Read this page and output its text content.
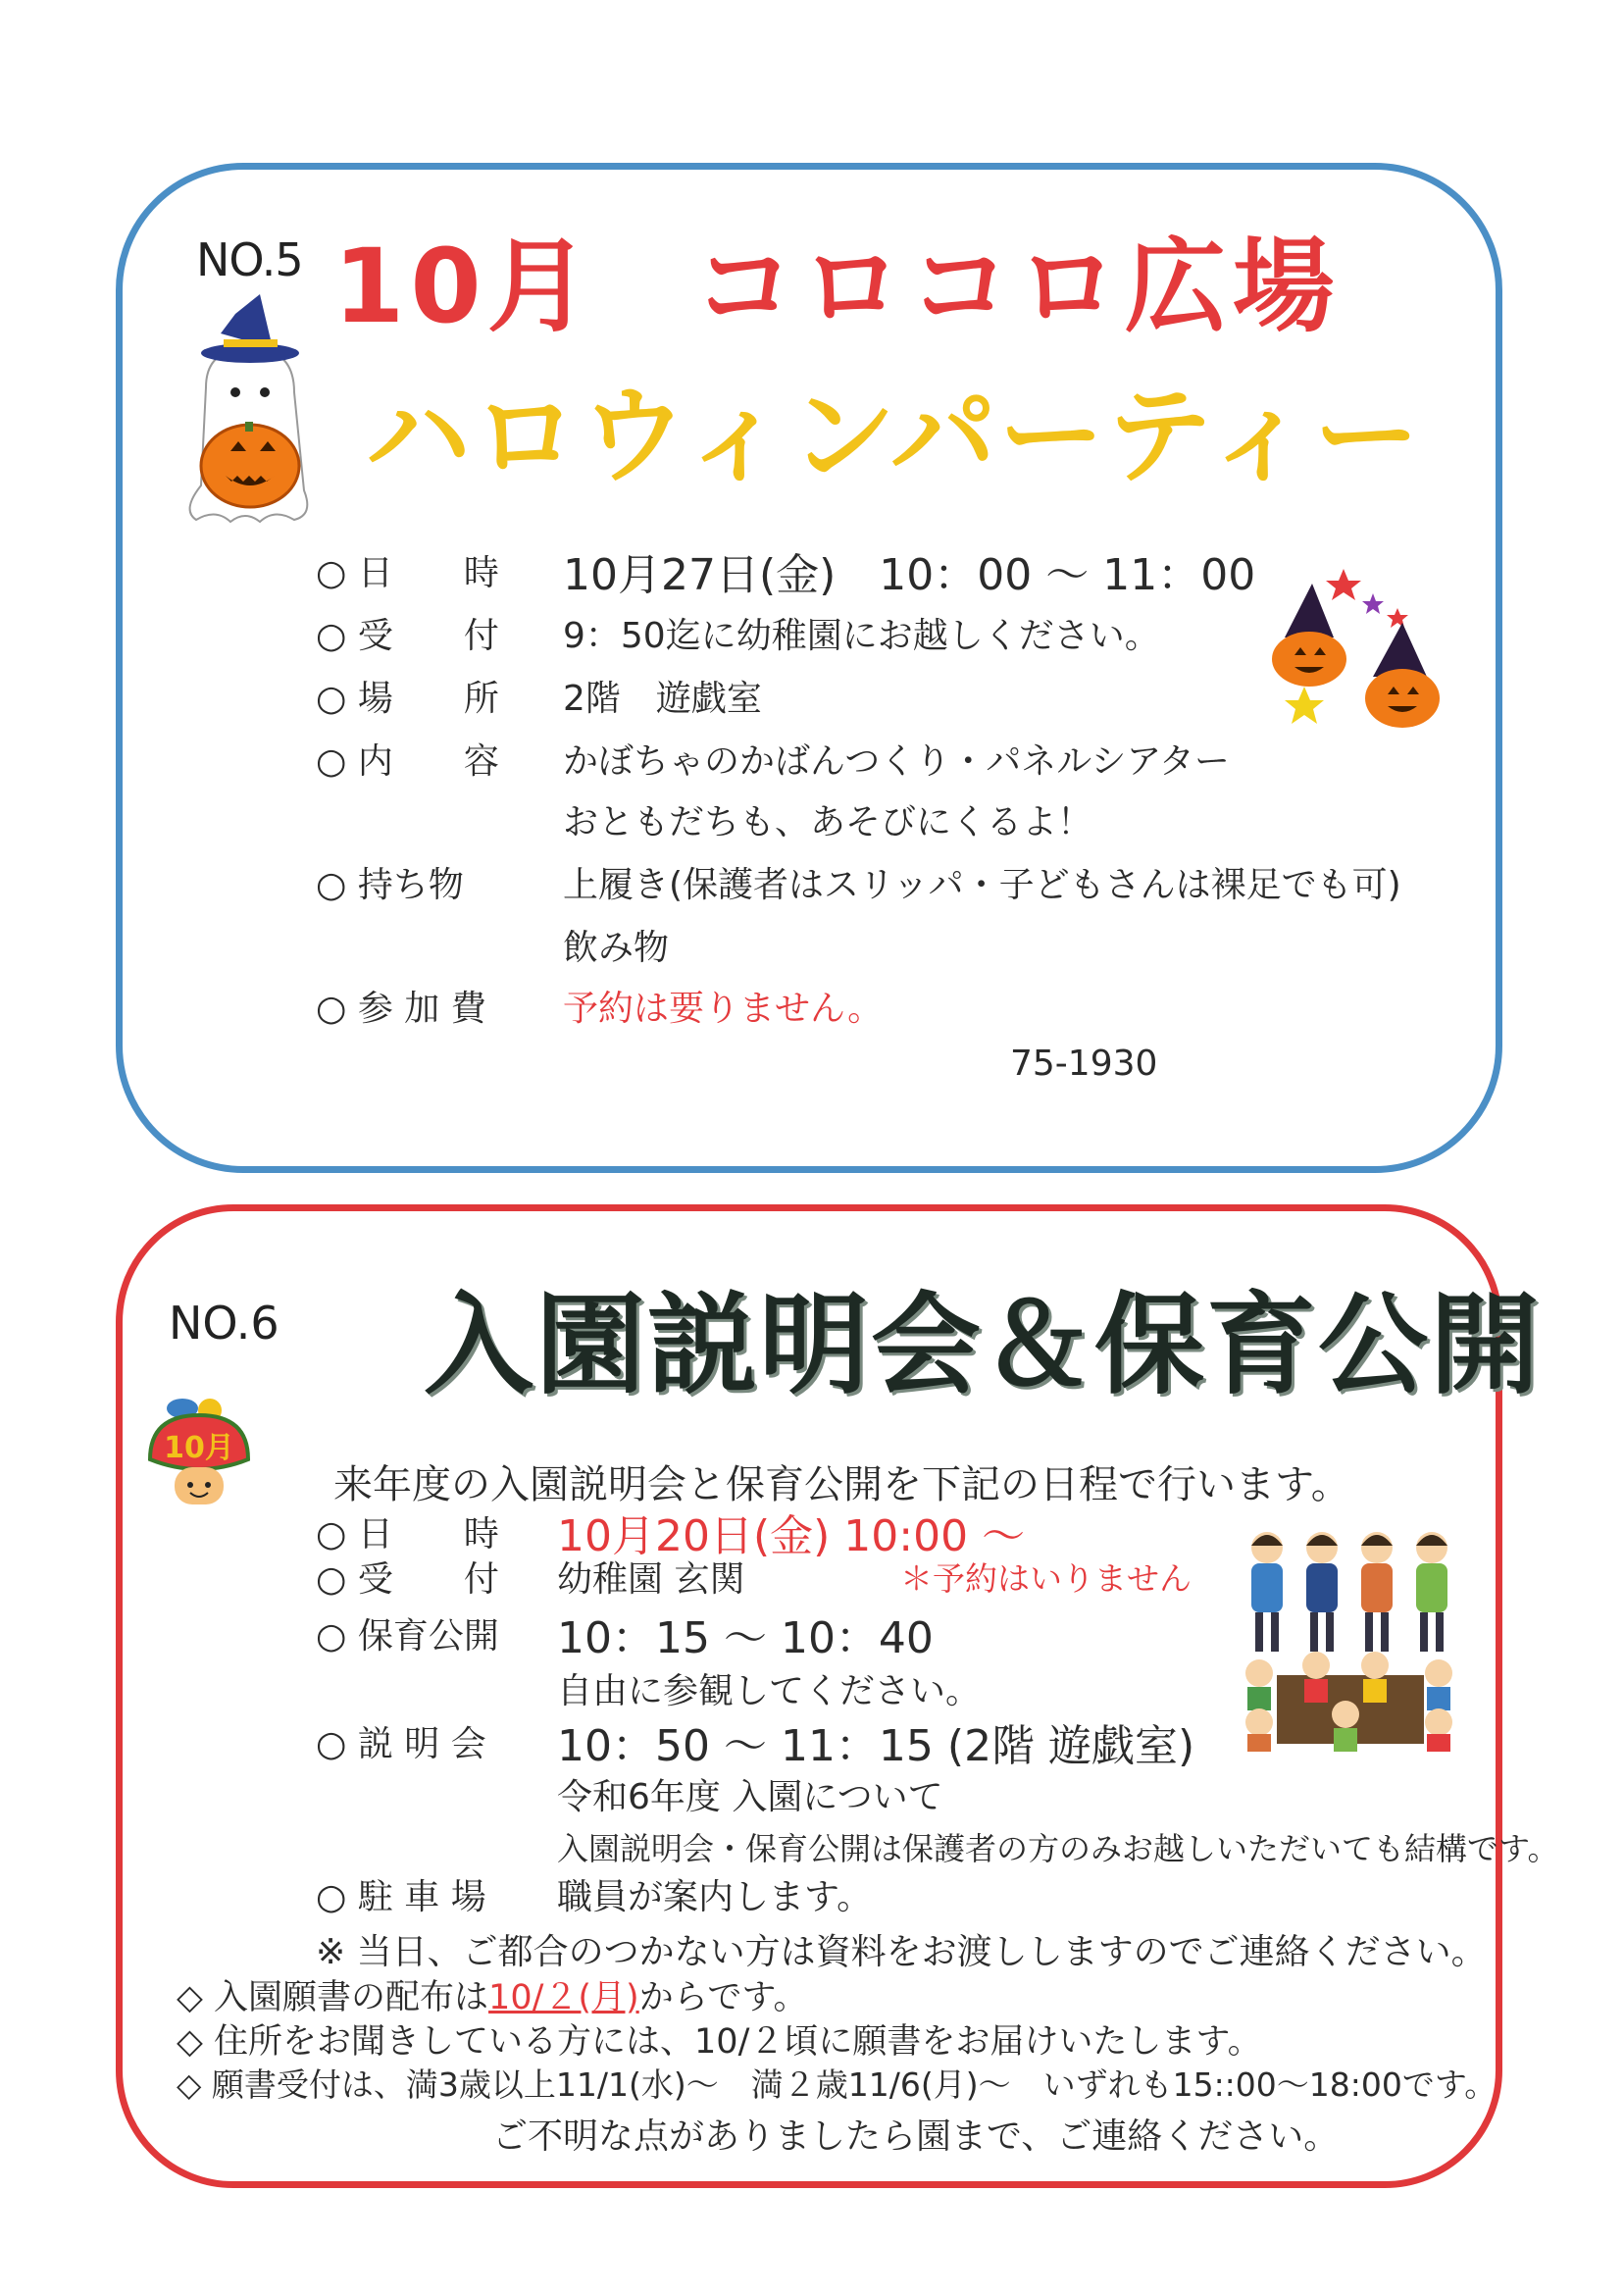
NO.5 10月 コロコロ広場
ハロウィンパーティー
○ 日　　時 10月27日(金)　10：00 ～ 11：00
○ 受　　付 9：50迄に幼稚園にお越しください。
○ 場　　所 2階　遊戯室
○ 内　　容 かぼちゃのかばんつくり・パネルシアター
おともだちも、あそびにくるよ！
○ 持ち物	上履き(保護者はスリッパ・子どもさんは裸足でも可)
飲み物
○ 参 加 費 予約は要りません。
75-1930
NO.6 入園説明会＆保育公開
10月
来年度の入園説明会と保育公開を下記の日程で行います。
○ 日　　時 10月20日(金) 10:00 ～
○ 受　　付 幼稚園 玄関	＊予約はいりません
○ 保育公開 10：15 ～ 10：40
自由に参観してください。
○ 説 明 会 10：50 ～ 11：15 (2階 遊戯室)
令和6年度 入園について
入園説明会・保育公開は保護者の方のみお越しいただいても結構です。
○ 駐 車 場 職員が案内します。
※ 当日、ご都合のつかない方は資料をお渡ししますのでご連絡ください。
◇ 入園願書の配布は10/２(月)からです。
◇ 住所をお聞きしている方には、10/２頃に願書をお届けいたします。
◇ 願書受付は、満3歳以上11/1(水)～　満２歳11/6(月)～　いずれも15::00～18:00です。
ご不明な点がありましたら園まで、ご連絡ください。
